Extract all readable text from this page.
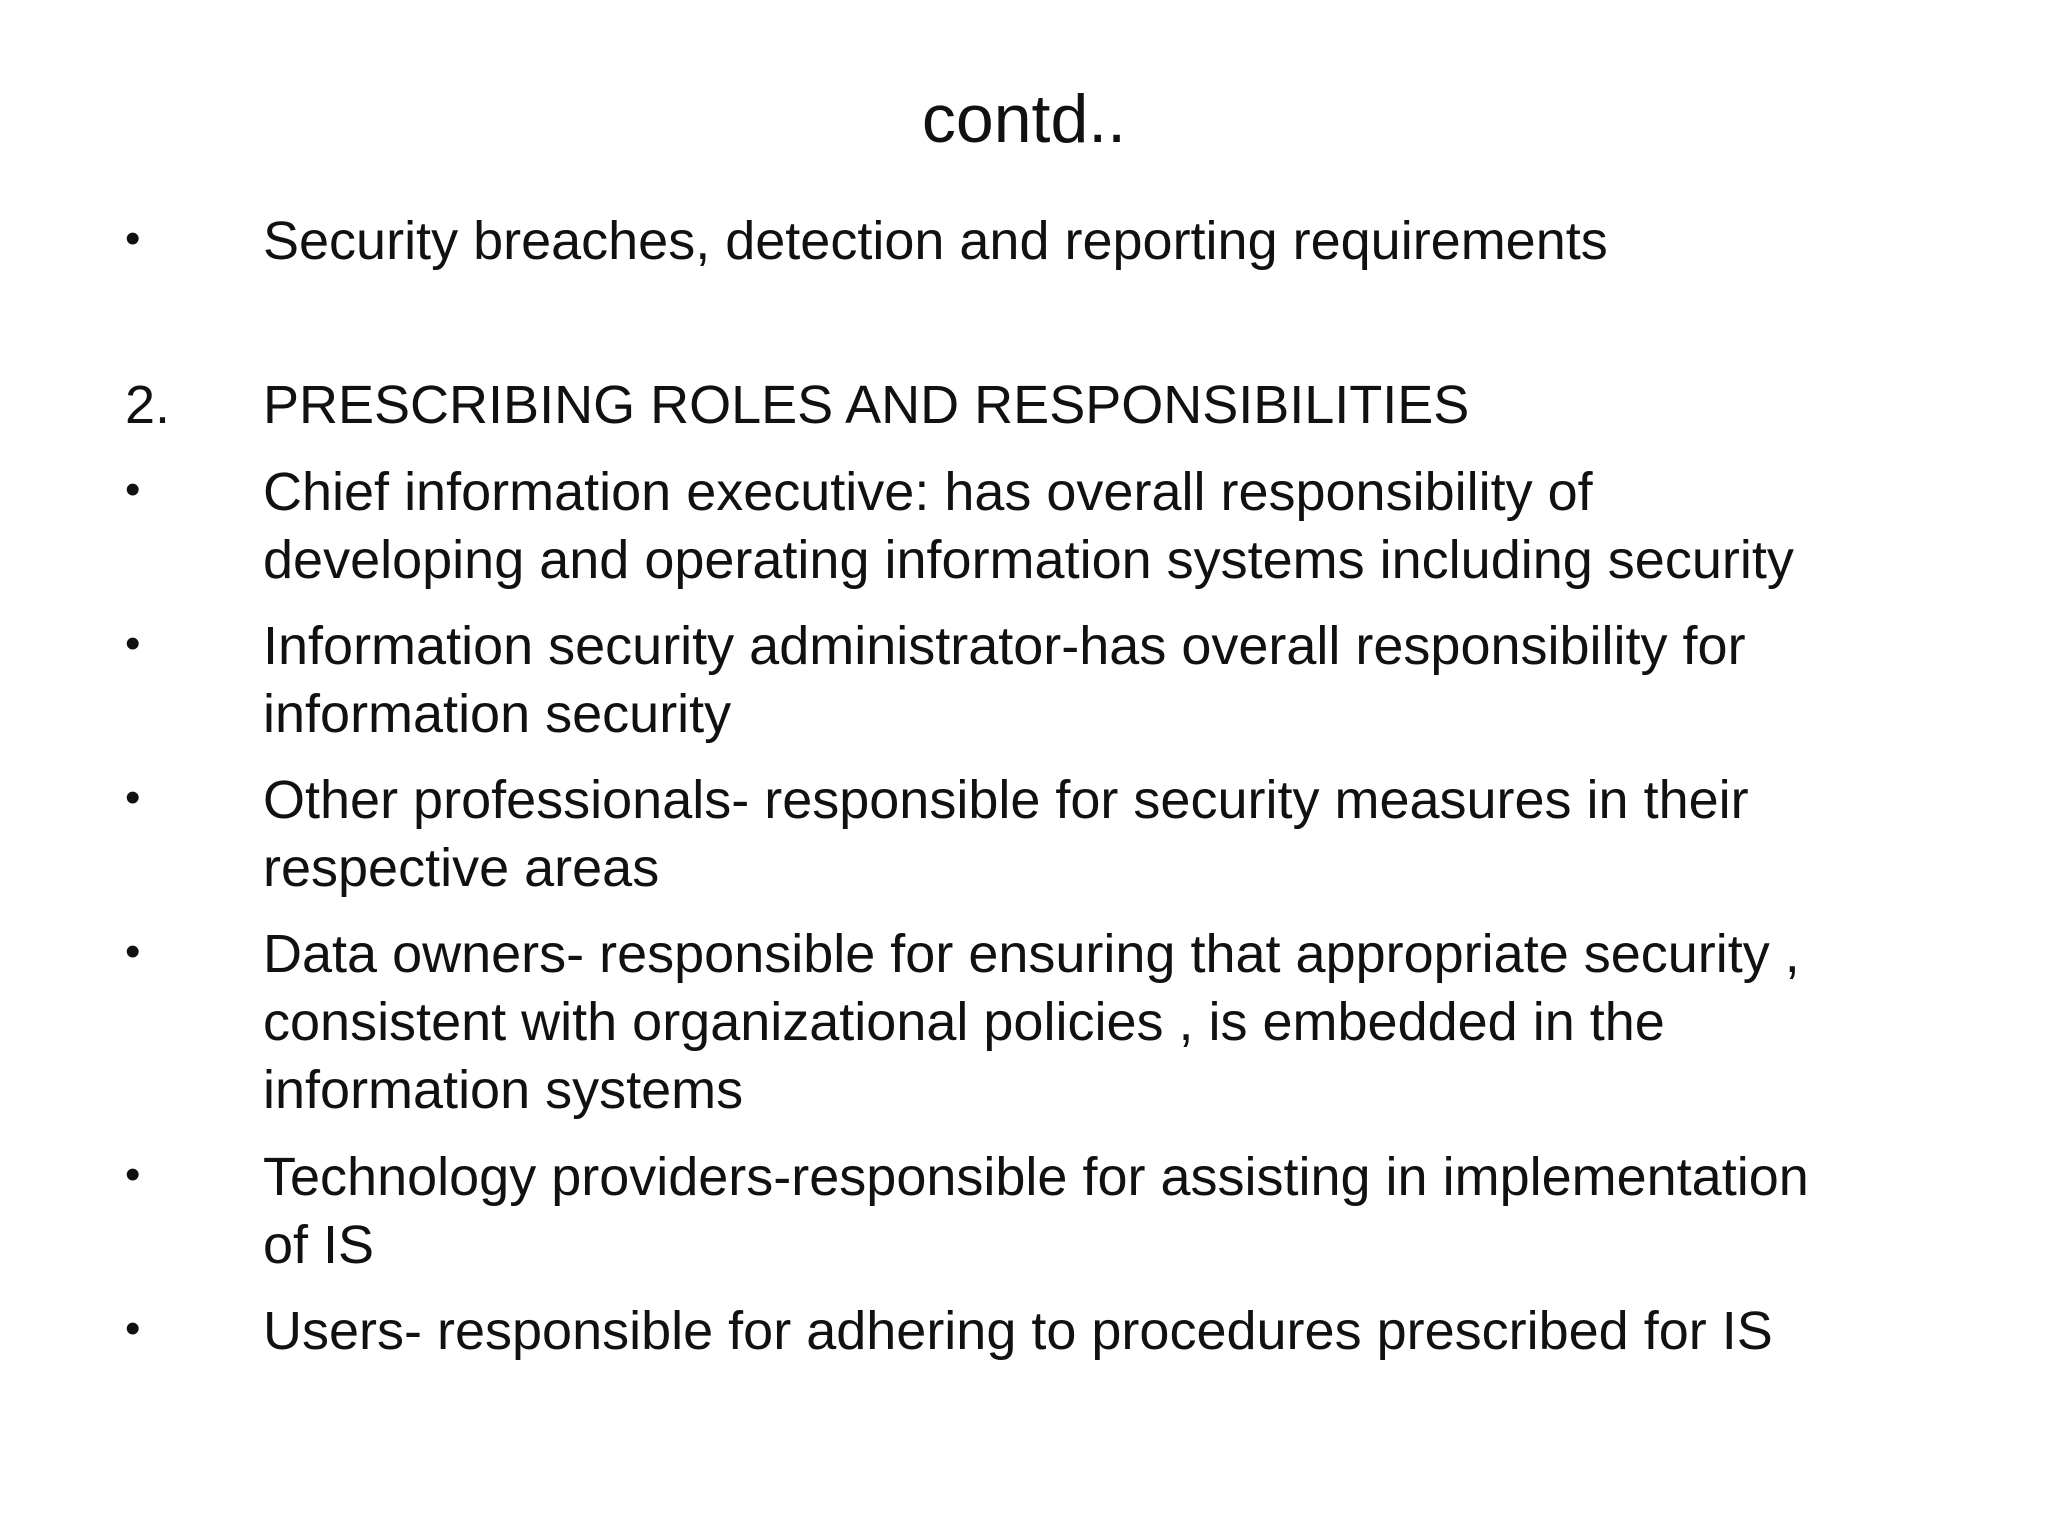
contd..
• Security breaches, detection and reporting requirements
2. PRESCRIBING ROLES AND RESPONSIBILITIES
• Chief information executive: has overall responsibility of
developing and operating information systems including security
• Information security administrator-has overall responsibility for
information security
• Other professionals- responsible for security measures in their
respective areas
• Data owners- responsible for ensuring that appropriate security ,
consistent with organizational policies , is embedded in the
information systems
• Technology providers-responsible for assisting in implementation
of IS
• Users- responsible for adhering to procedures prescribed for IS
